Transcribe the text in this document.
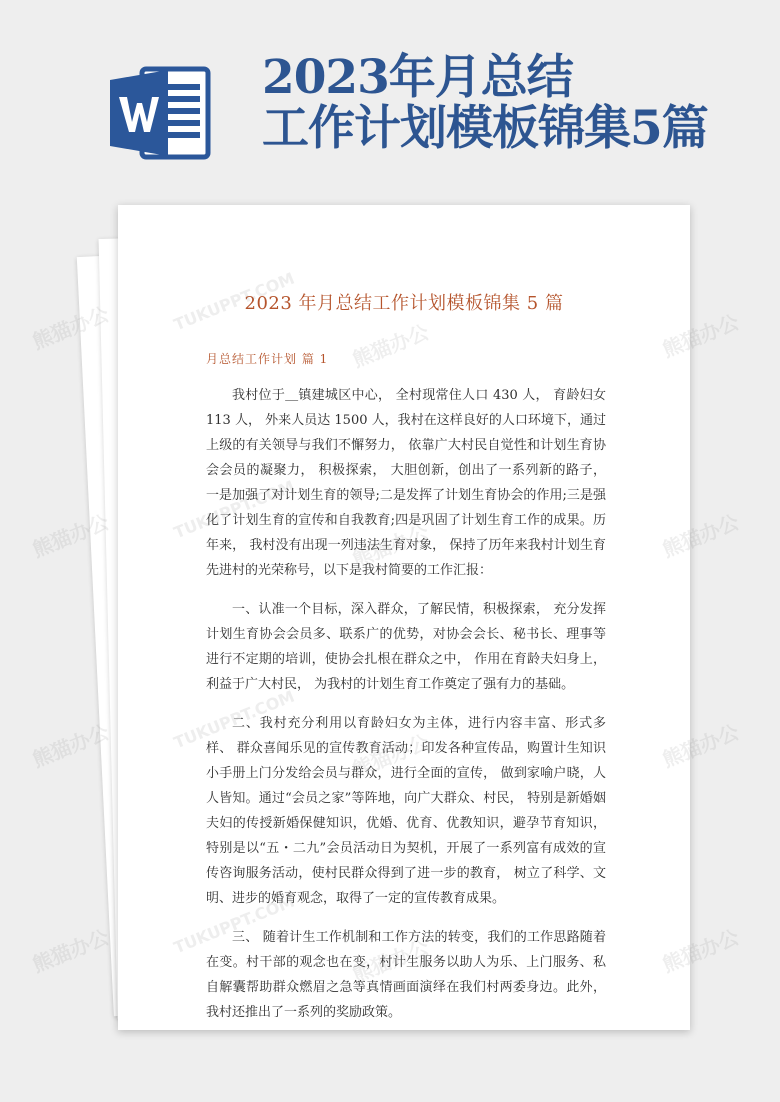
2023年月总结
工作计划模板锦集5篇
2023 年月总结工作计划模板锦集 5 篇
月总结工作计划 篇 1

我村位于＿镇建城区中心， 全村现常住人口 430 人， 育龄妇女 113 人， 外来人员达 1500 人，我村在这样良好的人口环境下，通过上级的有关领导与我们不懈努力， 依靠广大村民自觉性和计划生育协会会员的凝聚力， 积极探索， 大胆创新，创出了一系列新的路子， 一是加强了对计划生育的领导;二是发挥了计划生育协会的作用;三是强化了计划生育的宣传和自我教育;四是巩固了计划生育工作的成果。历年来， 我村没有出现一列违法生育对象， 保持了历年来我村计划生育先进村的光荣称号，以下是我村简要的工作汇报：

一、认准一个目标，深入群众，了解民情，积极探索， 充分发挥计划生育协会会员多、联系广的优势，对协会会长、秘书长、理事等进行不定期的培训，使协会扎根在群众之中， 作用在育龄夫妇身上， 利益于广大村民， 为我村的计划生育工作奠定了强有力的基础。

二、我村充分利用以育龄妇女为主体，进行内容丰富、形式多样、 群众喜闻乐见的宣传教育活动；印发各种宣传品，购置计生知识小手册上门分发给会员与群众，进行全面的宣传， 做到家喻户晓，人人皆知。通过“会员之家”等阵地，向广大群众、村民， 特别是新婚姻夫妇的传授新婚保健知识，优婚、优育、优教知识，避孕节育知识，特别是以“五・二九”会员活动日为契机，开展了一系列富有成效的宣传咨询服务活动，使村民群众得到了进一步的教育， 树立了科学、文明、进步的婚育观念，取得了一定的宣传教育成果。

三、 随着计生工作机制和工作方法的转变，我们的工作思路随着在变。村干部的观念也在变，村计生服务以助人为乐、上门服务、私自解囊帮助群众燃眉之急等真情画面演绎在我们村两委身边。此外，我村还推出了一系列的奖励政策。

熊猫办公	熊猫办公
熊猫办公	熊猫办公
熊猫办公	熊猫办公
熊猫办公	熊猫办公
